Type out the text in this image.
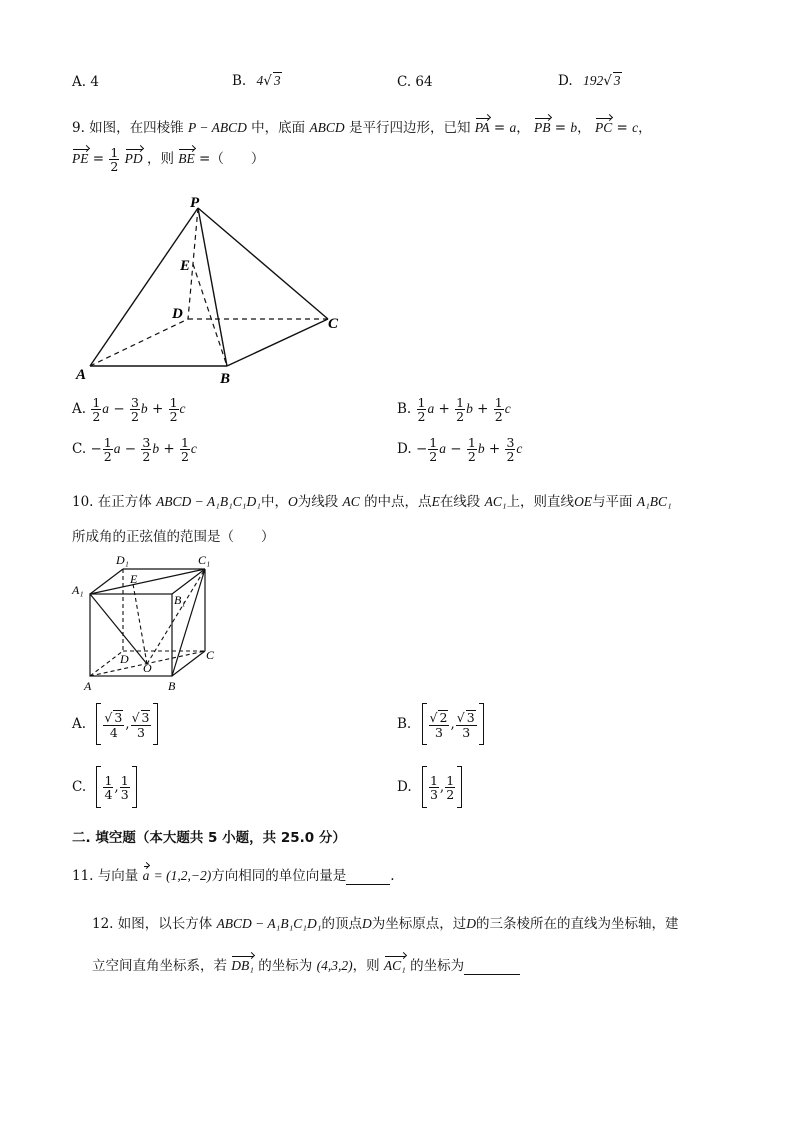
A. 4	B. 4√ 3	C. 64	D. 192√ 3
9. 如图，在四棱锥 P − ABCD 中，底面 ABCD 是平行四边形，已知 PA = a， PB = b， PC = c，
PE = $\frac{1}{2}$ PD ，则 BE =（　　）
P
E
D
C
A	B
A. $\frac{1}{2}$ $a - \frac{3}{2}$ $b + \frac{1}{2}$ c	B. $\frac{1}{2}$ $a + \frac{1}{2}$ $b + \frac{1}{2}$ c
C. − $\frac{1}{2}$ $a - \frac{3}{2}$ $b + \frac{1}{2}$ c	D. − $\frac{1}{2}$ $a - \frac{1}{2}$ $b + \frac{3}{2}$ c
10. 在正方体 ABCD − A₁B₁C₁D₁中，O为线段 AC 的中点，点E在线段 AC₁上，则直线OE与平面 A₁BC₁
所成角的正弦值的范围是（　　）
D₁	C₁
A₁
B₁
E
D	C
O
A	B
A. $\frac{√ 3}{4}$ , $\frac{√ 3}{3}$	B. $\frac{√ 2}{3}$ , $\frac{√ 3}{3}$
C. $\frac{1}{4}$ , $\frac{1}{3}$	D. $\frac{1}{3}$ , $\frac{1}{2}$
二. 填空题（本大题共 5 小题，共 25.0 分）
11. 与向量 a = (1,2,−2)方向相同的单位向量是	.
12. 如图，以长方体 ABCD − A₁B₁C₁D₁的顶点D为坐标原点，过D的三条棱所在的直线为坐标轴，建
立空间直角坐标系，若 DB₁ 的坐标为 (4,3,2)，则 AC₁ 的坐标为
